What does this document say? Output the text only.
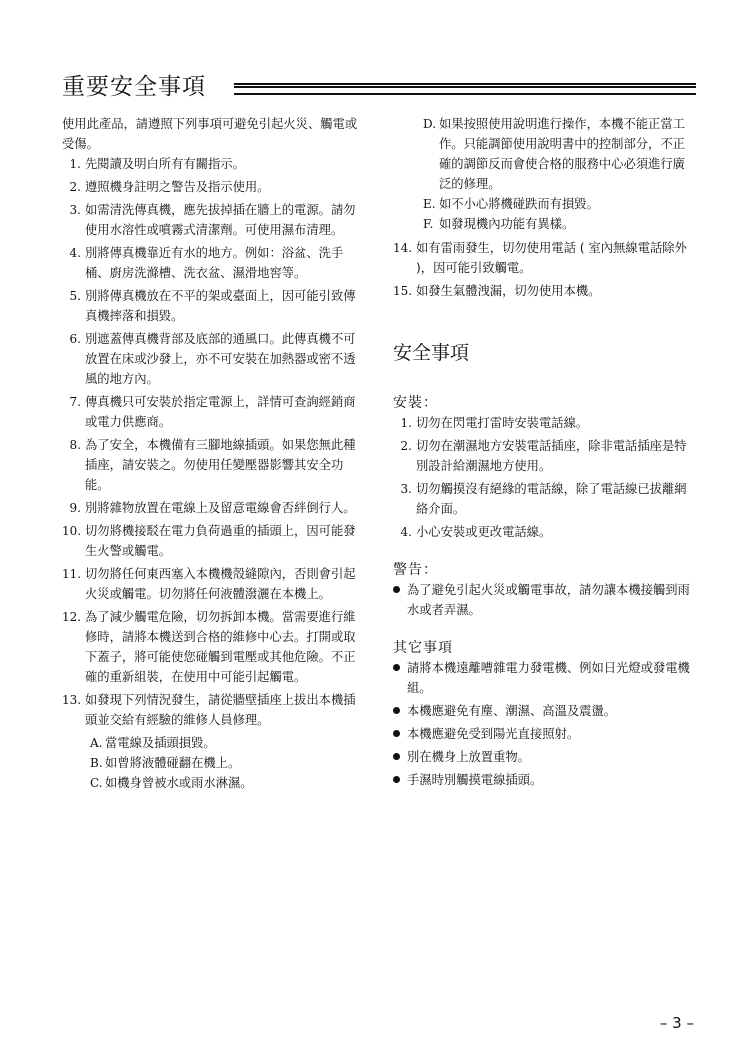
重要安全事項

使用此產品，請遵照下列事項可避免引起火災、觸電或受傷。

1. 先閱讀及明白所有有關指示。
2. 遵照機身註明之警告及指示使用。
3. 如需清洗傳真機，應先拔掉插在牆上的電源。請勿使用水溶性或噴霧式清潔劑。可使用濕布清理。
4. 別將傳真機靠近有水的地方。例如：浴盆、洗手桶、廚房洗滌槽、洗衣盆、濕滑地窖等。
5. 別將傳真機放在不平的架或臺面上，因可能引致傳真機摔落和損毀。
6. 別遮蓋傳真機背部及底部的通風口。此傳真機不可放置在床或沙發上，亦不可安裝在加熱器或密不透風的地方內。
7. 傳真機只可安裝於指定電源上，詳情可查詢經銷商或電力供應商。
8. 為了安全，本機備有三腳地線插頭。如果您無此種插座，請安裝之。勿使用任變壓器影響其安全功能。
9. 別將雜物放置在電線上及留意電線會否絆倒行人。
10. 切勿將機接駁在電力負荷過重的插頭上，因可能發生火警或觸電。
11. 切勿將任何東西塞入本機機殼縫隙內，否則會引起火災或觸電。切勿將任何液體潑灑在本機上。
12. 為了減少觸電危險，切勿拆卸本機。當需要進行維修時，請將本機送到合格的維修中心去。打開或取下蓋子，將可能使您碰觸到電壓或其他危險。不正確的重新組裝，在使用中可能引起觸電。
13. 如發現下列情況發生，請從牆壁插座上拔出本機插頭並交給有經驗的維修人員修理。
A. 當電線及插頭損毀。
B. 如曾將液體碰翻在機上。
C. 如機身曾被水或雨水淋濕。
D. 如果按照使用說明進行操作，本機不能正當工作。只能調節使用說明書中的控制部分，不正確的調節反而會使合格的服務中心必須進行廣泛的修理。
E. 如不小心將機碰跌而有損毀。
F. 如發現機內功能有異樣。
14. 如有雷雨發生，切勿使用電話 ( 室內無線電話除外 )，因可能引致觸電。
15. 如發生氣體洩漏，切勿使用本機。
安全事項
安裝：
1. 切勿在閃電打雷時安裝電話線。
2. 切勿在潮濕地方安裝電話插座，除非電話插座是特別設計給潮濕地方使用。
3. 切勿觸摸沒有絕緣的電話線，除了電話線已拔離網絡介面。
4. 小心安裝或更改電話線。
警告：
為了避免引起火災或觸電事故，請勿讓本機接觸到雨水或者弄濕。
其它事項
請將本機遠離嘈雜電力發電機、例如日光燈或發電機組。
本機應避免有塵、潮濕、高溫及震盪。
本機應避免受到陽光直接照射。
別在機身上放置重物。
手濕時別觸摸電線插頭。
– 3 –
